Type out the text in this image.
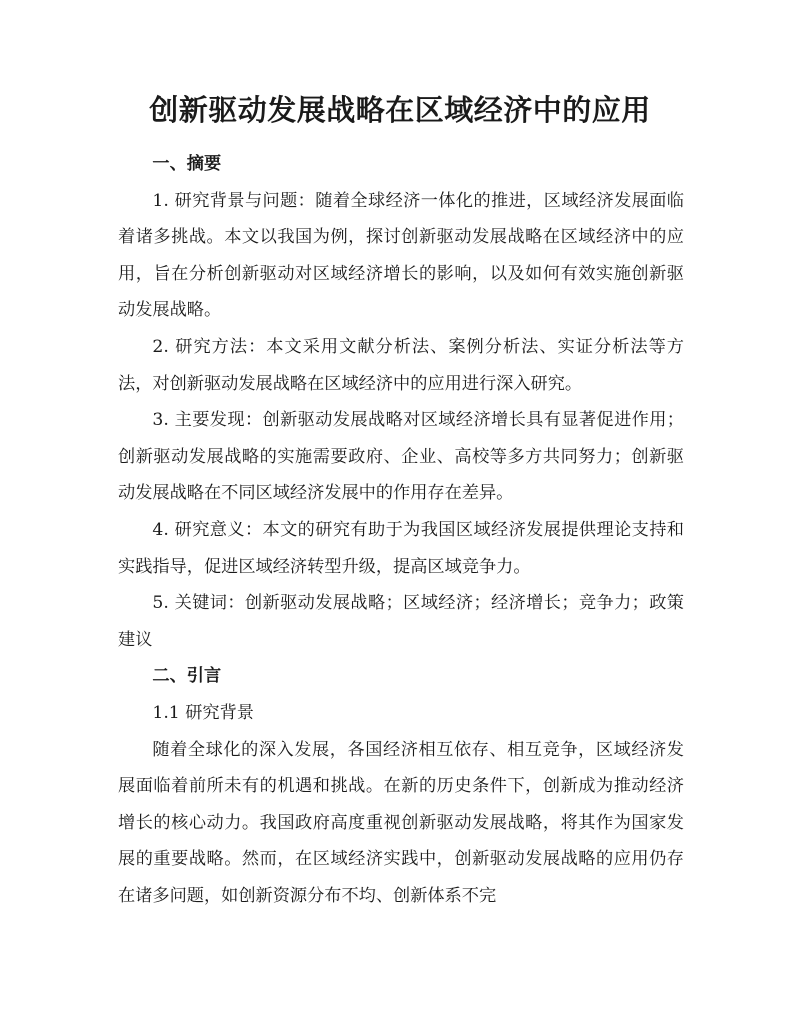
创新驱动发展战略在区域经济中的应用
一、摘要

1. 研究背景与问题：随着全球经济一体化的推进，区域经济发展面临着诸多挑战。本文以我国为例，探讨创新驱动发展战略在区域经济中的应用，旨在分析创新驱动对区域经济增长的影响，以及如何有效实施创新驱动发展战略。

2. 研究方法：本文采用文献分析法、案例分析法、实证分析法等方法，对创新驱动发展战略在区域经济中的应用进行深入研究。

3. 主要发现：创新驱动发展战略对区域经济增长具有显著促进作用；创新驱动发展战略的实施需要政府、企业、高校等多方共同努力；创新驱动发展战略在不同区域经济发展中的作用存在差异。

4. 研究意义：本文的研究有助于为我国区域经济发展提供理论支持和实践指导，促进区域经济转型升级，提高区域竞争力。

5. 关键词：创新驱动发展战略；区域经济；经济增长；竞争力；政策建议

二、引言

1.1 研究背景

随着全球化的深入发展，各国经济相互依存、相互竞争，区域经济发展面临着前所未有的机遇和挑战。在新的历史条件下，创新成为推动经济增长的核心动力。我国政府高度重视创新驱动发展战略，将其作为国家发展的重要战略。然而，在区域经济实践中，创新驱动发展战略的应用仍存在诸多问题，如创新资源分布不均、创新体系不完
